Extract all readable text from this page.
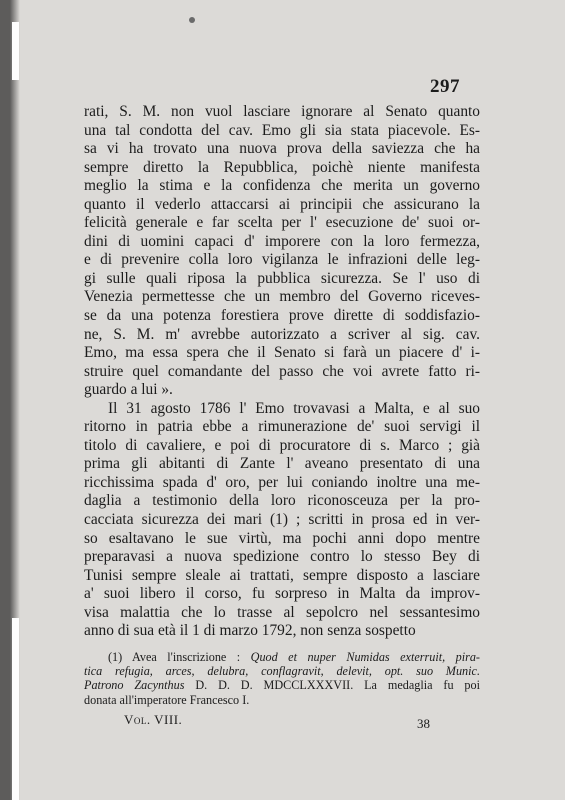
297
rati, S. M. non vuol lasciare ignorare al Senato quanto
una tal condotta del cav. Emo gli sia stata piacevole. Es-
sa vi ha trovato una nuova prova della saviezza che ha
sempre diretto la Repubblica, poichè niente manifesta
meglio la stima e la confidenza che merita un governo
quanto il vederlo attaccarsi ai principii che assicurano la
felicità generale e far scelta per l' esecuzione de' suoi or-
dini di uomini capaci d' imporere con la loro fermezza,
e di prevenire colla loro vigilanza le infrazioni delle leg-
gi sulle quali riposa la pubblica sicurezza. Se l' uso di
Venezia permettesse che un membro del Governo riceves-
se da una potenza forestiera prove dirette di soddisfazio-
ne, S. M. m' avrebbe autorizzato a scriver al sig. cav.
Emo, ma essa spera che il Senato si farà un piacere d' i-
struire quel comandante del passo che voi avrete fatto ri-
guardo a lui ».
Il 31 agosto 1786 l' Emo trovavasi a Malta, e al suo
ritorno in patria ebbe a rimunerazione de' suoi servigi il
titolo di cavaliere, e poi di procuratore di s. Marco ; già
prima gli abitanti di Zante l' aveano presentato di una
ricchissima spada d' oro, per lui coniando inoltre una me-
daglia a testimonio della loro riconosceuza per la pro-
cacciata sicurezza dei mari (1) ; scritti in prosa ed in ver-
so esaltavano le sue virtù, ma pochi anni dopo mentre
preparavasi a nuova spedizione contro lo stesso Bey di
Tunisi sempre sleale ai trattati, sempre disposto a lasciare
a' suoi libero il corso, fu sorpreso in Malta da improv-
visa malattia che lo trasse al sepolcro nel sessantesimo
anno di sua età il 1 di marzo 1792, non senza sospetto
(1) Avea l'inscrizione : Quod et nuper Numidas exterruit, pira-
tica refugia, arces, delubra, conflagravit, delevit, opt. suo Munic.
Patrono Zacynthus D. D. D. MDCCLXXXVII. La medaglia fu poi
donata all'imperatore Francesco I.
Vol. VIII.	38
